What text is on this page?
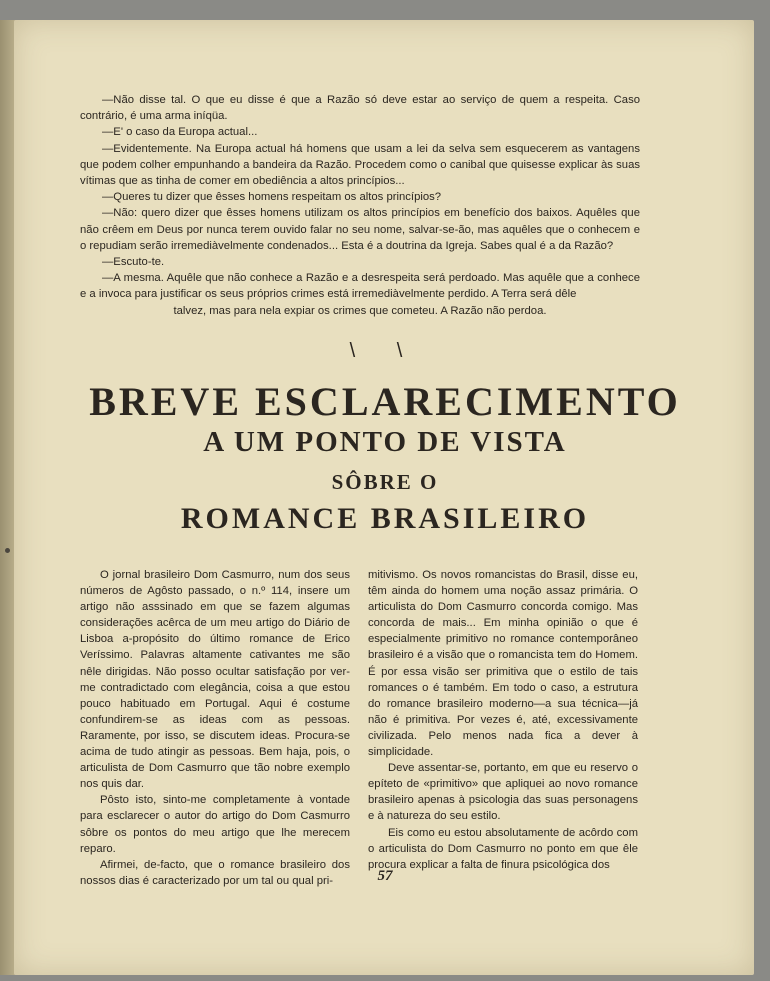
—Não disse tal. O que eu disse é que a Razão só deve estar ao serviço de quem a respeita. Caso contrário, é uma arma iníqüa.

—E' o caso da Europa actual...

—Evidentemente. Na Europa actual há homens que usam a lei da selva sem esquecerem as vantagens que podem colher empunhando a bandeira da Razão. Procedem como o canibal que quisesse explicar às suas vítimas que as tinha de comer em obediência a altos princípios...

—Queres tu dizer que êsses homens respeitam os altos princípios?

—Não: quero dizer que êsses homens utilizam os altos princípios em benefício dos baixos. Aquêles que não crêem em Deus por nunca terem ouvido falar no seu nome, salvar-se-ão, mas aquêles que o conhecem e o repudiam serão irremediàvelmente condenados... Esta é a doutrina da Igreja. Sabes qual é a da Razão?

—Escuto-te.

—A mesma. Aquêle que não conhece a Razão e a desrespeita será perdoado. Mas aquêle que a conhece e a invoca para justificar os seus próprios crimes está irremediàvelmente perdido. A Terra será dêle

talvez, mas para nela expiar os crimes que cometeu. A Razão não perdoa.

\ \
BREVE ESCLARECIMENTO
A UM PONTO DE VISTA
SÔBRE O
ROMANCE BRASILEIRO

O jornal brasileiro Dom Casmurro, num dos seus números de Agôsto passado, o n.º 114, insere um artigo não asssinado em que se fazem algumas considerações acêrca de um meu artigo do Diário de Lisboa a-propósito do último romance de Erico Veríssimo. Palavras altamente cativantes me são nêle dirigidas. Não posso ocultar satisfação por ver-me contradictado com elegância, coisa a que estou pouco habituado em Portugal. Aqui é costume confundirem-se as ideas com as pessoas. Raramente, por isso, se discutem ideas. Procura-se acima de tudo atingir as pessoas. Bem haja, pois, o articulista de Dom Casmurro que tão nobre exemplo nos quis dar.

Pôsto isto, sinto-me completamente à vontade para esclarecer o autor do artigo do Dom Casmurro sôbre os pontos do meu artigo que lhe merecem reparo.

Afirmei, de-facto, que o romance brasileiro dos nossos dias é caracterizado por um tal ou qual pri-

mitivismo. Os novos romancistas do Brasil, disse eu, têm ainda do homem uma noção assaz primária. O articulista do Dom Casmurro concorda comigo. Mas concorda de mais... Em minha opinião o que é especialmente primitivo no romance contemporâneo brasileiro é a visão que o romancista tem do Homem. É por essa visão ser primitiva que o estilo de tais romances o é também. Em todo o caso, a estrutura do romance brasileiro moderno—a sua técnica—já não é primitiva. Por vezes é, até, excessivamente civilizada. Pelo menos nada fica a dever à simplicidade.

Deve assentar-se, portanto, em que eu reservo o epíteto de «primitivo» que apliquei ao novo romance brasileiro apenas à psicologia das suas personagens e à natureza do seu estilo.

Eis como eu estou absolutamente de acôrdo com o articulista do Dom Casmurro no ponto em que êle procura explicar a falta de finura psicológica dos

57
